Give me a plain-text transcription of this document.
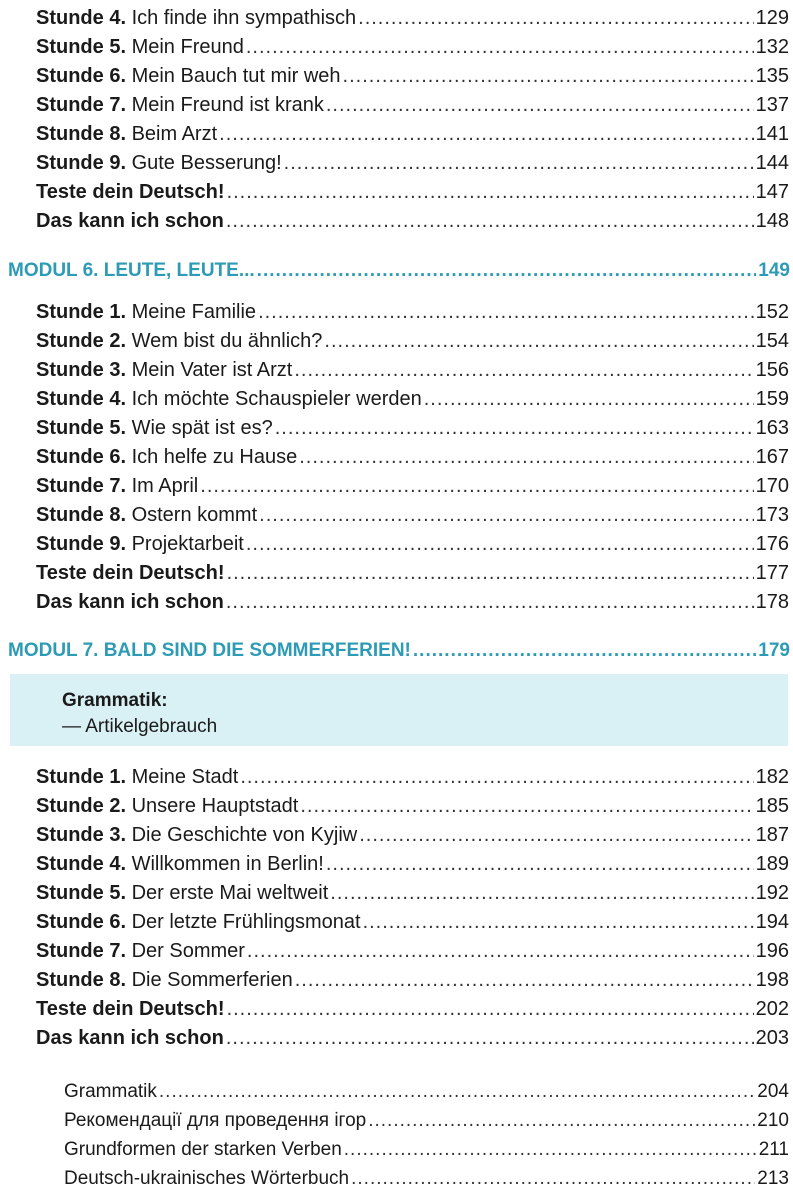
Stunde 4. Ich finde ihn sympathisch .....	129
Stunde 5. Mein Freund .....	132
Stunde 6. Mein Bauch tut mir weh .....	135
Stunde 7. Mein Freund ist krank .....	137
Stunde 8. Beim Arzt .....	141
Stunde 9. Gute Besserung! .....	144
Teste dein Deutsch! .....	147
Das kann ich schon .....	148
MODUL 6. LEUTE, LEUTE... .....	149
Stunde 1. Meine Familie .....	152
Stunde 2. Wem bist du ähnlich? .....	154
Stunde 3. Mein Vater ist Arzt .....	156
Stunde 4. Ich möchte Schauspieler werden .....	159
Stunde 5. Wie spät ist es? .....	163
Stunde 6. Ich helfe zu Hause .....	167
Stunde 7. Im April .....	170
Stunde 8. Ostern kommt .....	173
Stunde 9. Projektarbeit .....	176
Teste dein Deutsch! .....	177
Das kann ich schon .....	178
MODUL 7. BALD SIND DIE SOMMERFERIEN! .....	179
Grammatik:
— Artikelgebrauch
Stunde 1. Meine Stadt .....	182
Stunde 2. Unsere Hauptstadt .....	185
Stunde 3. Die Geschichte von Kyjiw .....	187
Stunde 4. Willkommen in Berlin! .....	189
Stunde 5. Der erste Mai weltweit .....	192
Stunde 6. Der letzte Frühlingsmonat .....	194
Stunde 7. Der Sommer .....	196
Stunde 8. Die Sommerferien .....	198
Teste dein Deutsch! .....	202
Das kann ich schon .....	203
Grammatik .....	204
Рекомендації для проведення ігор .....	210
Grundformen der starken Verben .....	211
Deutsch-ukrainisches Wörterbuch .....	213
